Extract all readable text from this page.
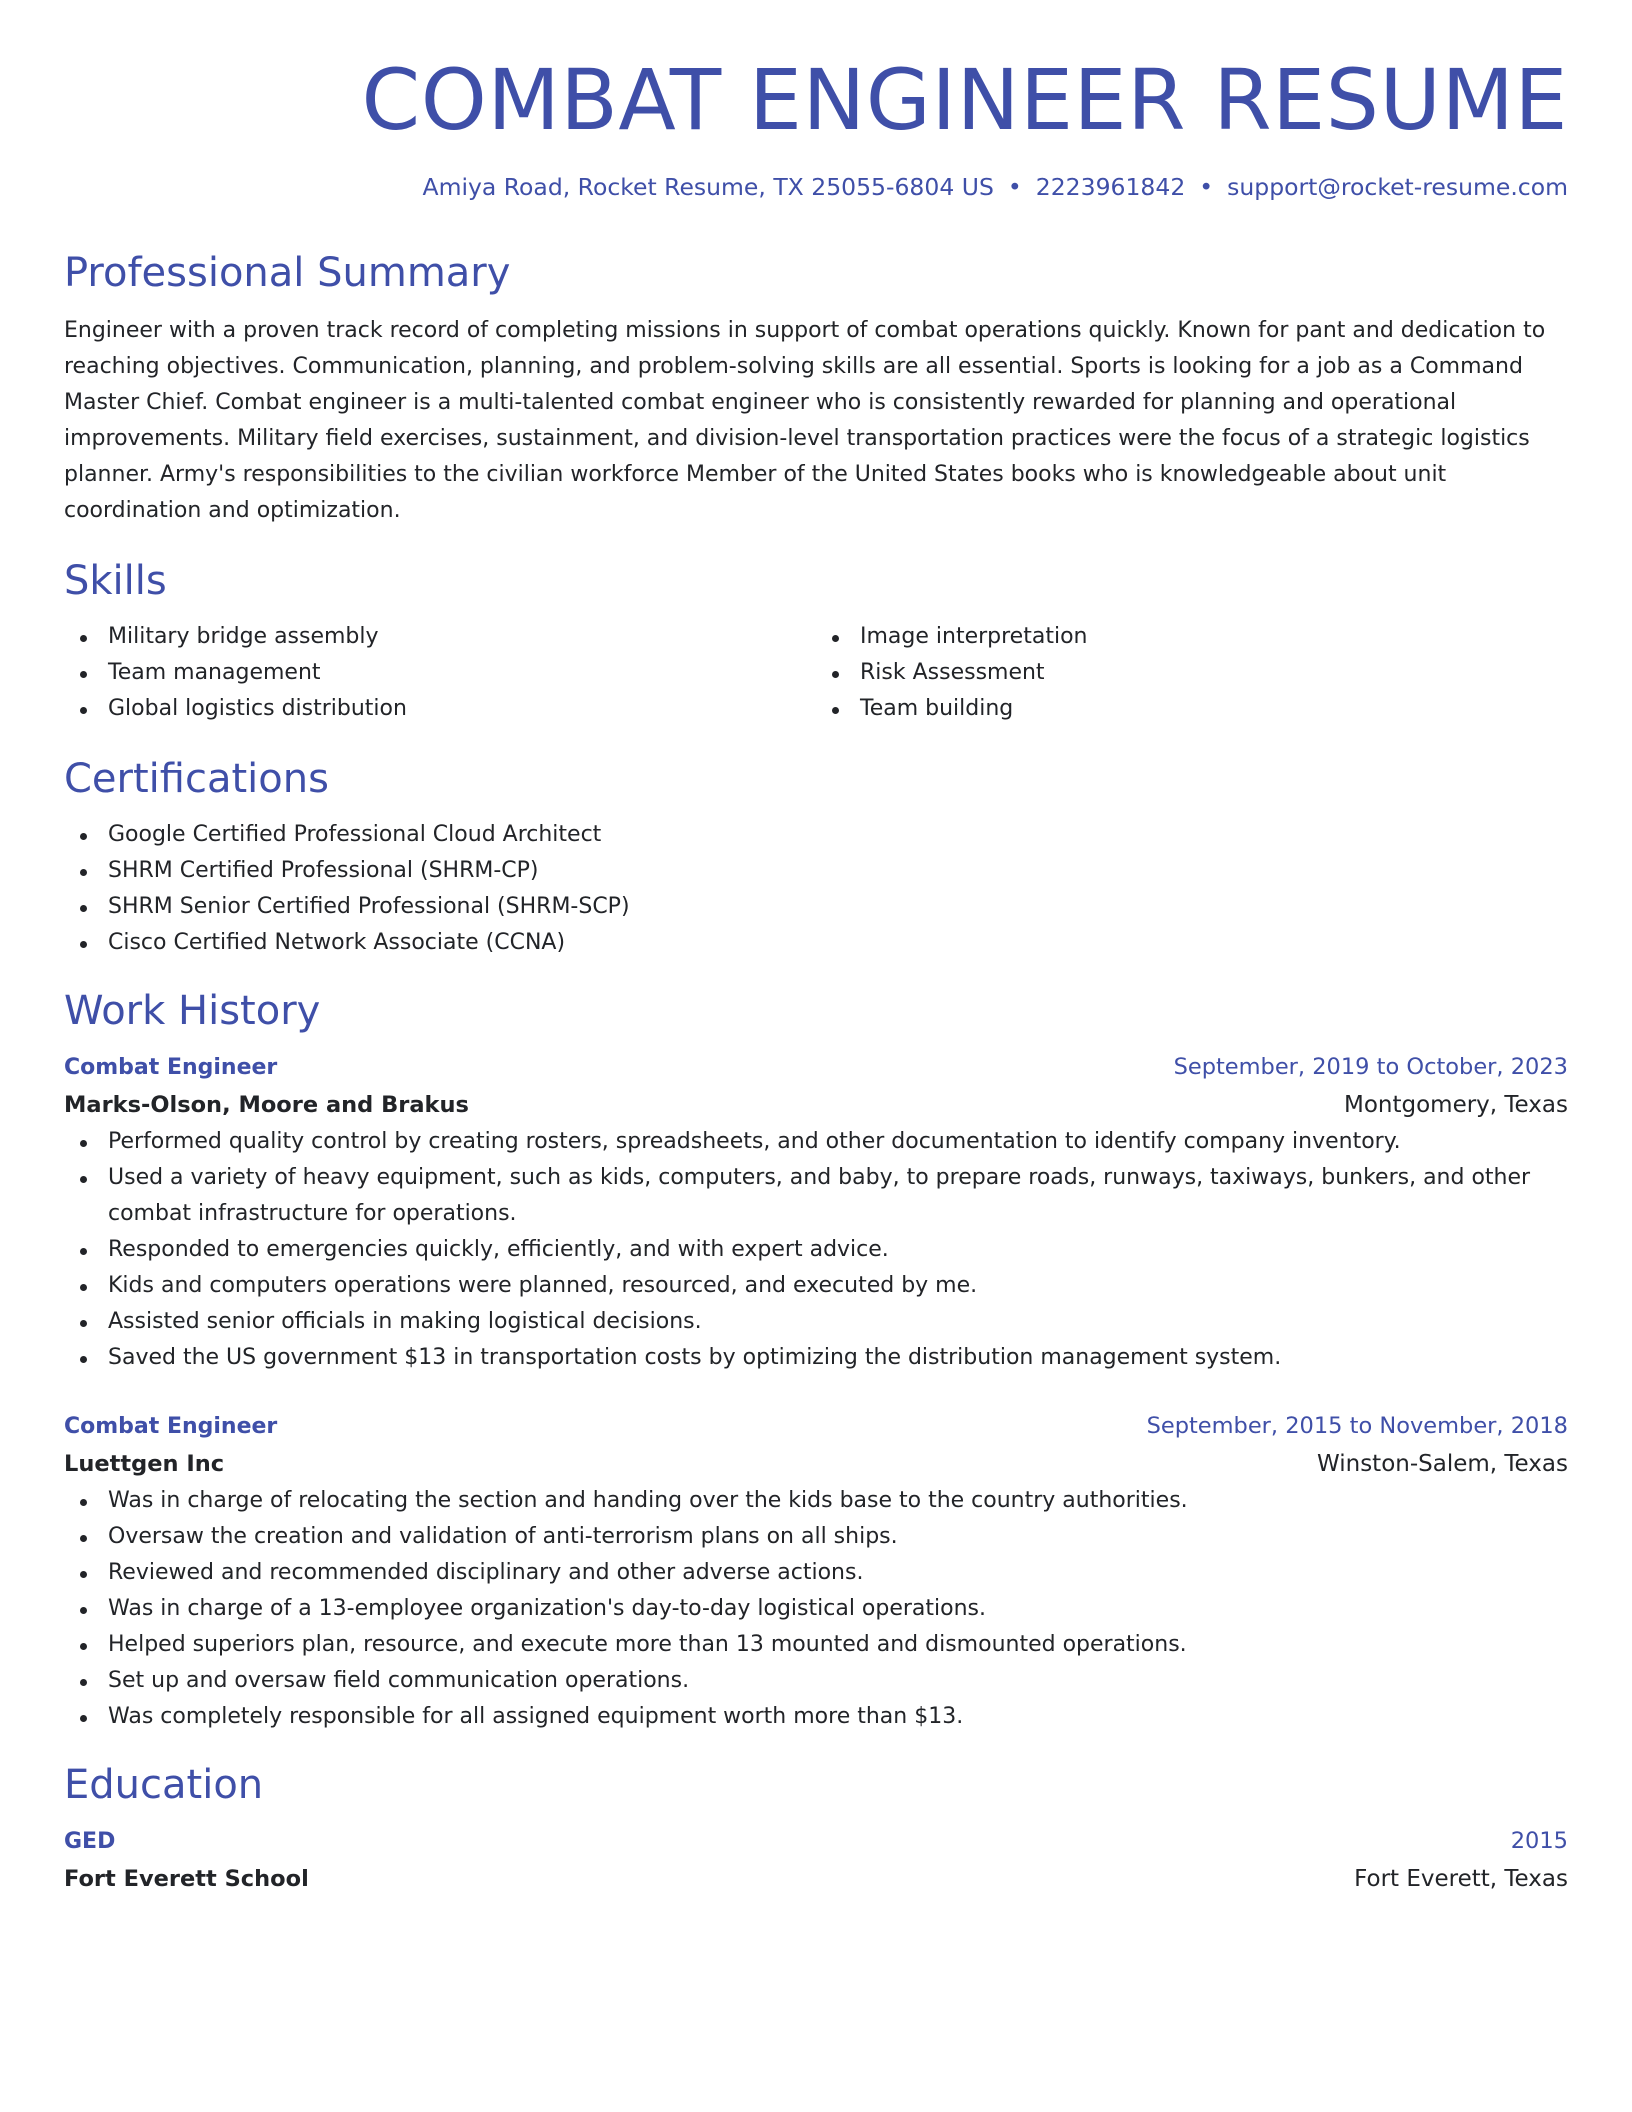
COMBAT ENGINEER RESUME
Amiya Road, Rocket Resume, TX 25055-6804 US • 2223961842 • support@rocket-resume.com
Professional Summary

Engineer with a proven track record of completing missions in support of combat operations quickly. Known for pant and dedication to reaching objectives. Communication, planning, and problem-solving skills are all essential. Sports is looking for a job as a Command Master Chief. Combat engineer is a multi-talented combat engineer who is consistently rewarded for planning and operational improvements. Military field exercises, sustainment, and division-level transportation practices were the focus of a strategic logistics planner. Army's responsibilities to the civilian workforce Member of the United States books who is knowledgeable about unit coordination and optimization.

Skills
Military bridge assembly
Team management
Global logistics distribution
Image interpretation
Risk Assessment
Team building
Certifications
Google Certified Professional Cloud Architect
SHRM Certified Professional (SHRM-CP)
SHRM Senior Certified Professional (SHRM-SCP)
Cisco Certified Network Associate (CCNA)
Work History
Combat Engineer	September, 2019 to October, 2023
Marks-Olson, Moore and Brakus	Montgomery, Texas
Performed quality control by creating rosters, spreadsheets, and other documentation to identify company inventory.
Used a variety of heavy equipment, such as kids, computers, and baby, to prepare roads, runways, taxiways, bunkers, and other combat infrastructure for operations.
Responded to emergencies quickly, efficiently, and with expert advice.
Kids and computers operations were planned, resourced, and executed by me.
Assisted senior officials in making logistical decisions.
Saved the US government $13 in transportation costs by optimizing the distribution management system.
Combat Engineer	September, 2015 to November, 2018
Luettgen Inc	Winston-Salem, Texas
Was in charge of relocating the section and handing over the kids base to the country authorities.
Oversaw the creation and validation of anti-terrorism plans on all ships.
Reviewed and recommended disciplinary and other adverse actions.
Was in charge of a 13-employee organization's day-to-day logistical operations.
Helped superiors plan, resource, and execute more than 13 mounted and dismounted operations.
Set up and oversaw field communication operations.
Was completely responsible for all assigned equipment worth more than $13.
Education
GED	2015
Fort Everett School	Fort Everett, Texas
